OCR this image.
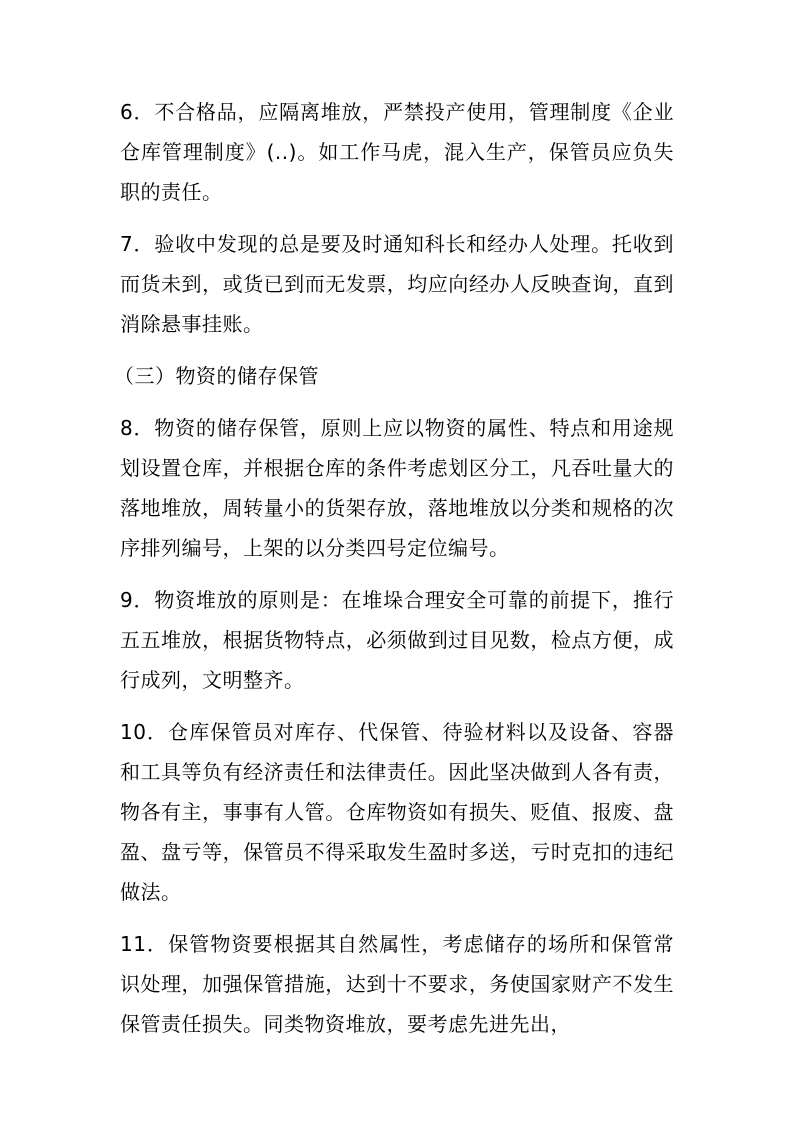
6．不合格品，应隔离堆放，严禁投产使用，管理制度《企业仓库管理制度》(..)。如工作马虎，混入生产，保管员应负失职的责任。

7．验收中发现的总是要及时通知科长和经办人处理。托收到而货未到，或货已到而无发票，均应向经办人反映查询，直到消除悬事挂账。

（三）物资的储存保管

8．物资的储存保管，原则上应以物资的属性、特点和用途规划设置仓库，并根据仓库的条件考虑划区分工，凡吞吐量大的落地堆放，周转量小的货架存放，落地堆放以分类和规格的次序排列编号，上架的以分类四号定位编号。

9．物资堆放的原则是：在堆垛合理安全可靠的前提下，推行五五堆放，根据货物特点，必须做到过目见数，检点方便，成行成列，文明整齐。

10．仓库保管员对库存、代保管、待验材料以及设备、容器和工具等负有经济责任和法律责任。因此坚决做到人各有责，物各有主，事事有人管。仓库物资如有损失、贬值、报废、盘盈、盘亏等，保管员不得采取发生盈时多送，亏时克扣的违纪做法。

11．保管物资要根据其自然属性，考虑储存的场所和保管常识处理，加强保管措施，达到十不要求，务使国家财产不发生保管责任损失。同类物资堆放，要考虑先进先出，
